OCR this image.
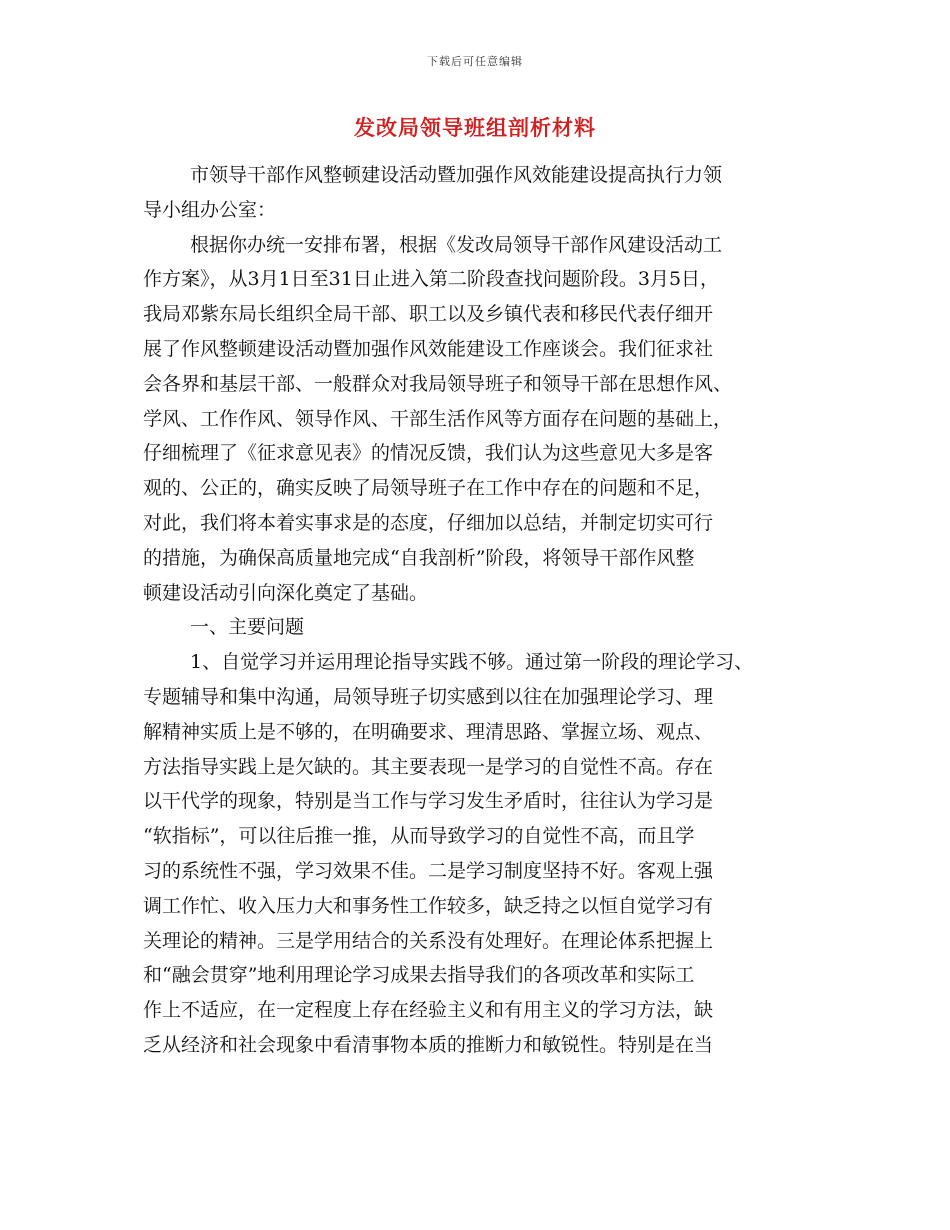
下载后可任意编辑
发改局领导班组剖析材料
市领导干部作风整顿建设活动暨加强作风效能建设提高执行力领
导小组办公室：
根据你办统一安排布署，根据《发改局领导干部作风建设活动工
作方案》，从3月1日至31日止进入第二阶段查找问题阶段。3月5日，
我局邓紫东局长组织全局干部、职工以及乡镇代表和移民代表仔细开
展了作风整顿建设活动暨加强作风效能建设工作座谈会。我们征求社
会各界和基层干部、一般群众对我局领导班子和领导干部在思想作风、
学风、工作作风、领导作风、干部生活作风等方面存在问题的基础上，
仔细梳理了《征求意见表》的情况反馈，我们认为这些意见大多是客
观的、公正的，确实反映了局领导班子在工作中存在的问题和不足，
对此，我们将本着实事求是的态度，仔细加以总结，并制定切实可行
的措施，为确保高质量地完成“自我剖析”阶段，将领导干部作风整
顿建设活动引向深化奠定了基础。
一、主要问题
1、自觉学习并运用理论指导实践不够。通过第一阶段的理论学习、
专题辅导和集中沟通，局领导班子切实感到以往在加强理论学习、理
解精神实质上是不够的，在明确要求、理清思路、掌握立场、观点、
方法指导实践上是欠缺的。其主要表现一是学习的自觉性不高。存在
以干代学的现象，特别是当工作与学习发生矛盾时，往往认为学习是
“软指标”，可以往后推一推，从而导致学习的自觉性不高，而且学
习的系统性不强，学习效果不佳。二是学习制度坚持不好。客观上强
调工作忙、收入压力大和事务性工作较多，缺乏持之以恒自觉学习有
关理论的精神。三是学用结合的关系没有处理好。在理论体系把握上
和“融会贯穿”地利用理论学习成果去指导我们的各项改革和实际工
作上不适应，在一定程度上存在经验主义和有用主义的学习方法，缺
乏从经济和社会现象中看清事物本质的推断力和敏锐性。特别是在当
